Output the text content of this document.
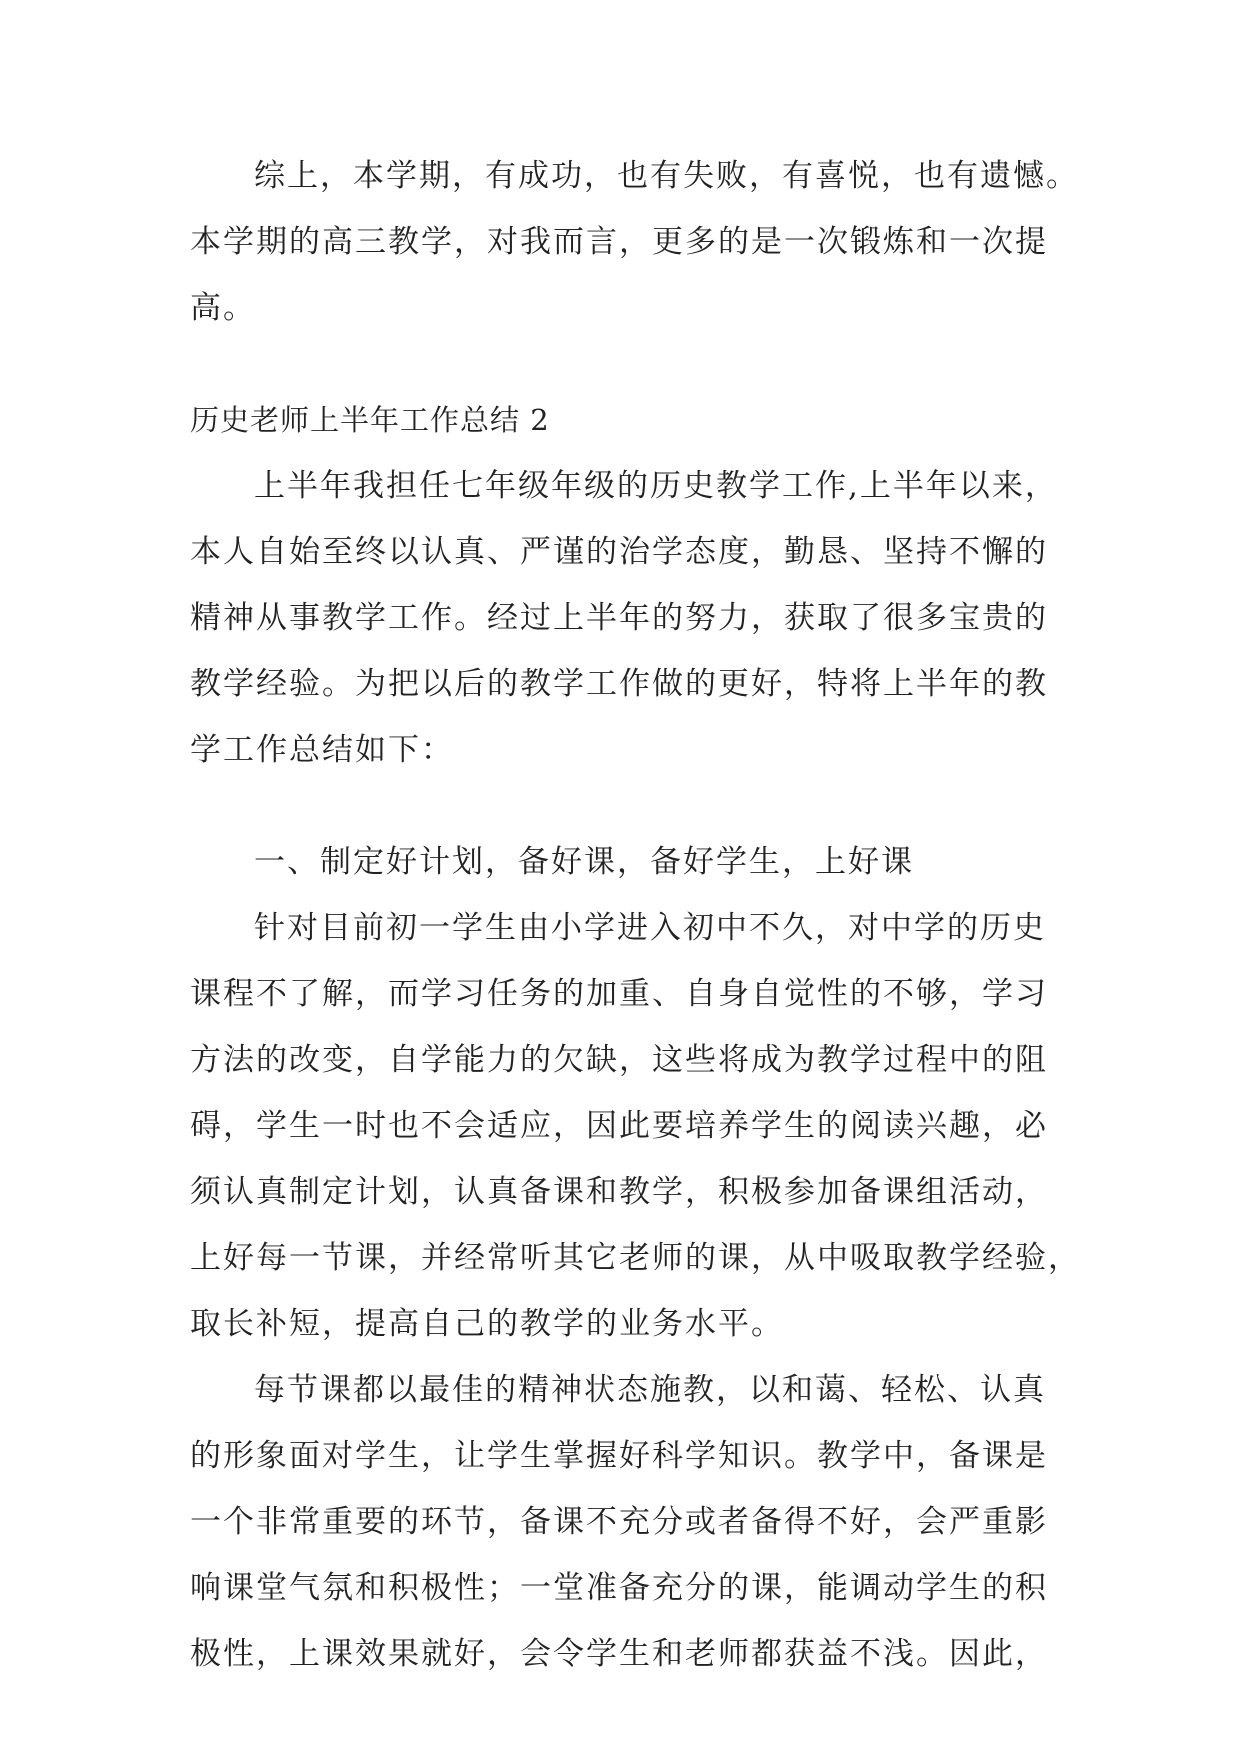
综上，本学期，有成功，也有失败，有喜悦，也有遗憾。
本学期的高三教学，对我而言，更多的是一次锻炼和一次提
高。
历史老师上半年工作总结 2
上半年我担任七年级年级的历史教学工作,上半年以来，
本人自始至终以认真、严谨的治学态度，勤恳、坚持不懈的
精神从事教学工作。经过上半年的努力，获取了很多宝贵的
教学经验。为把以后的教学工作做的更好，特将上半年的教
学工作总结如下：
一、制定好计划，备好课，备好学生，上好课
针对目前初一学生由小学进入初中不久，对中学的历史
课程不了解，而学习任务的加重、自身自觉性的不够，学习
方法的改变，自学能力的欠缺，这些将成为教学过程中的阻
碍，学生一时也不会适应，因此要培养学生的阅读兴趣，必
须认真制定计划，认真备课和教学，积极参加备课组活动，
上好每一节课，并经常听其它老师的课，从中吸取教学经验，
取长补短，提高自己的教学的业务水平。
每节课都以最佳的精神状态施教，以和蔼、轻松、认真
的形象面对学生，让学生掌握好科学知识。教学中，备课是
一个非常重要的环节，备课不充分或者备得不好，会严重影
响课堂气氛和积极性；一堂准备充分的课，能调动学生的积
极性，上课效果就好，会令学生和老师都获益不浅。因此，
